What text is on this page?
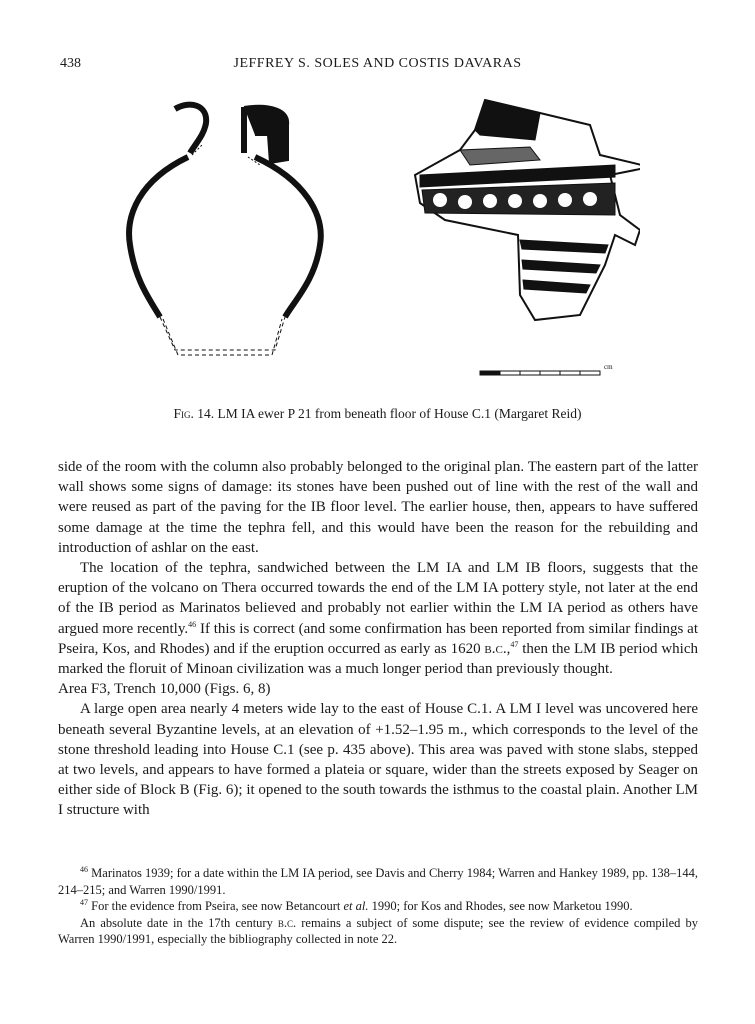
438	JEFFREY S. SOLES AND COSTIS DAVARAS
cm
Fig. 14. LM IA ewer P 21 from beneath floor of House C.1 (Margaret Reid)

side of the room with the column also probably belonged to the original plan. The eastern part of the latter wall shows some signs of damage: its stones have been pushed out of line with the rest of the wall and were reused as part of the paving for the IB floor level. The earlier house, then, appears to have suffered some damage at the time the tephra fell, and this would have been the reason for the rebuilding and introduction of ashlar on the east.

The location of the tephra, sandwiched between the LM IA and LM IB floors, suggests that the eruption of the volcano on Thera occurred towards the end of the LM IA pottery style, not later at the end of the IB period as Marinatos believed and probably not earlier within the LM IA period as others have argued more recently.$^{46}$ If this is correct (and some confirmation has been reported from similar findings at Pseira, Kos, and Rhodes) and if the eruption occurred as early as 1620 b.c.,$^{47}$ then the LM IB period which marked the floruit of Minoan civilization was a much longer period than previously thought.

Area F3, Trench 10,000 (Figs. 6, 8)

A large open area nearly 4 meters wide lay to the east of House C.1. A LM I level was uncovered here beneath several Byzantine levels, at an elevation of +1.52–1.95 m., which corresponds to the level of the stone threshold leading into House C.1 (see p. 435 above). This area was paved with stone slabs, stepped at two levels, and appears to have formed a plateia or square, wider than the streets exposed by Seager on either side of Block B (Fig. 6); it opened to the south towards the isthmus to the coastal plain. Another LM I structure with

$^{46}$ Marinatos 1939; for a date within the LM IA period, see Davis and Cherry 1984; Warren and Hankey 1989, pp. 138–144, 214–215; and Warren 1990/1991.

$^{47}$ For the evidence from Pseira, see now Betancourt et al. 1990; for Kos and Rhodes, see now Marketou 1990.

An absolute date in the 17th century b.c. remains a subject of some dispute; see the review of evidence compiled by Warren 1990/1991, especially the bibliography collected in note 22.
